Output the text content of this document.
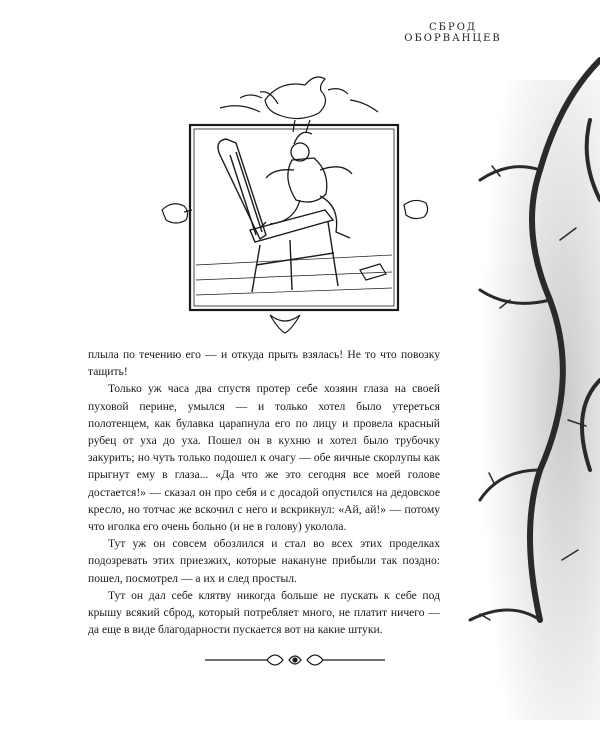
СБРОД ОБОРВАНЦЕВ

плыла по течению его — и откуда прыть взялась! Не то что повозку тащить!

Только уж часа два спустя протер себе хозяин глаза на своей пуховой перине, умылся — и только хотел было утереться полотенцем, как булавка царапнула его по лицу и провела красный рубец от уха до уха. Пошел он в кухню и хотел было трубочку закурить; но чуть только подошел к очагу — обе яичные скорлупы как прыгнут ему в глаза... «Да что же это сегодня все моей голове достается!» — сказал он про себя и с досадой опустился на дедовское кресло, но тотчас же вскочил с него и вскрикнул: «Ай, ай!» — потому что иголка его очень больно (и не в голову) уколола.

Тут уж он совсем обозлился и стал во всех этих проделках подозревать этих приезжих, которые накануне прибыли так поздно: пошел, посмотрел — а их и след простыл.

Тут он дал себе клятву никогда больше не пускать к себе под крышу всякий сброд, который потребляет много, не платит ничего — да еще в виде благодарности пускается вот на какие штуки.
